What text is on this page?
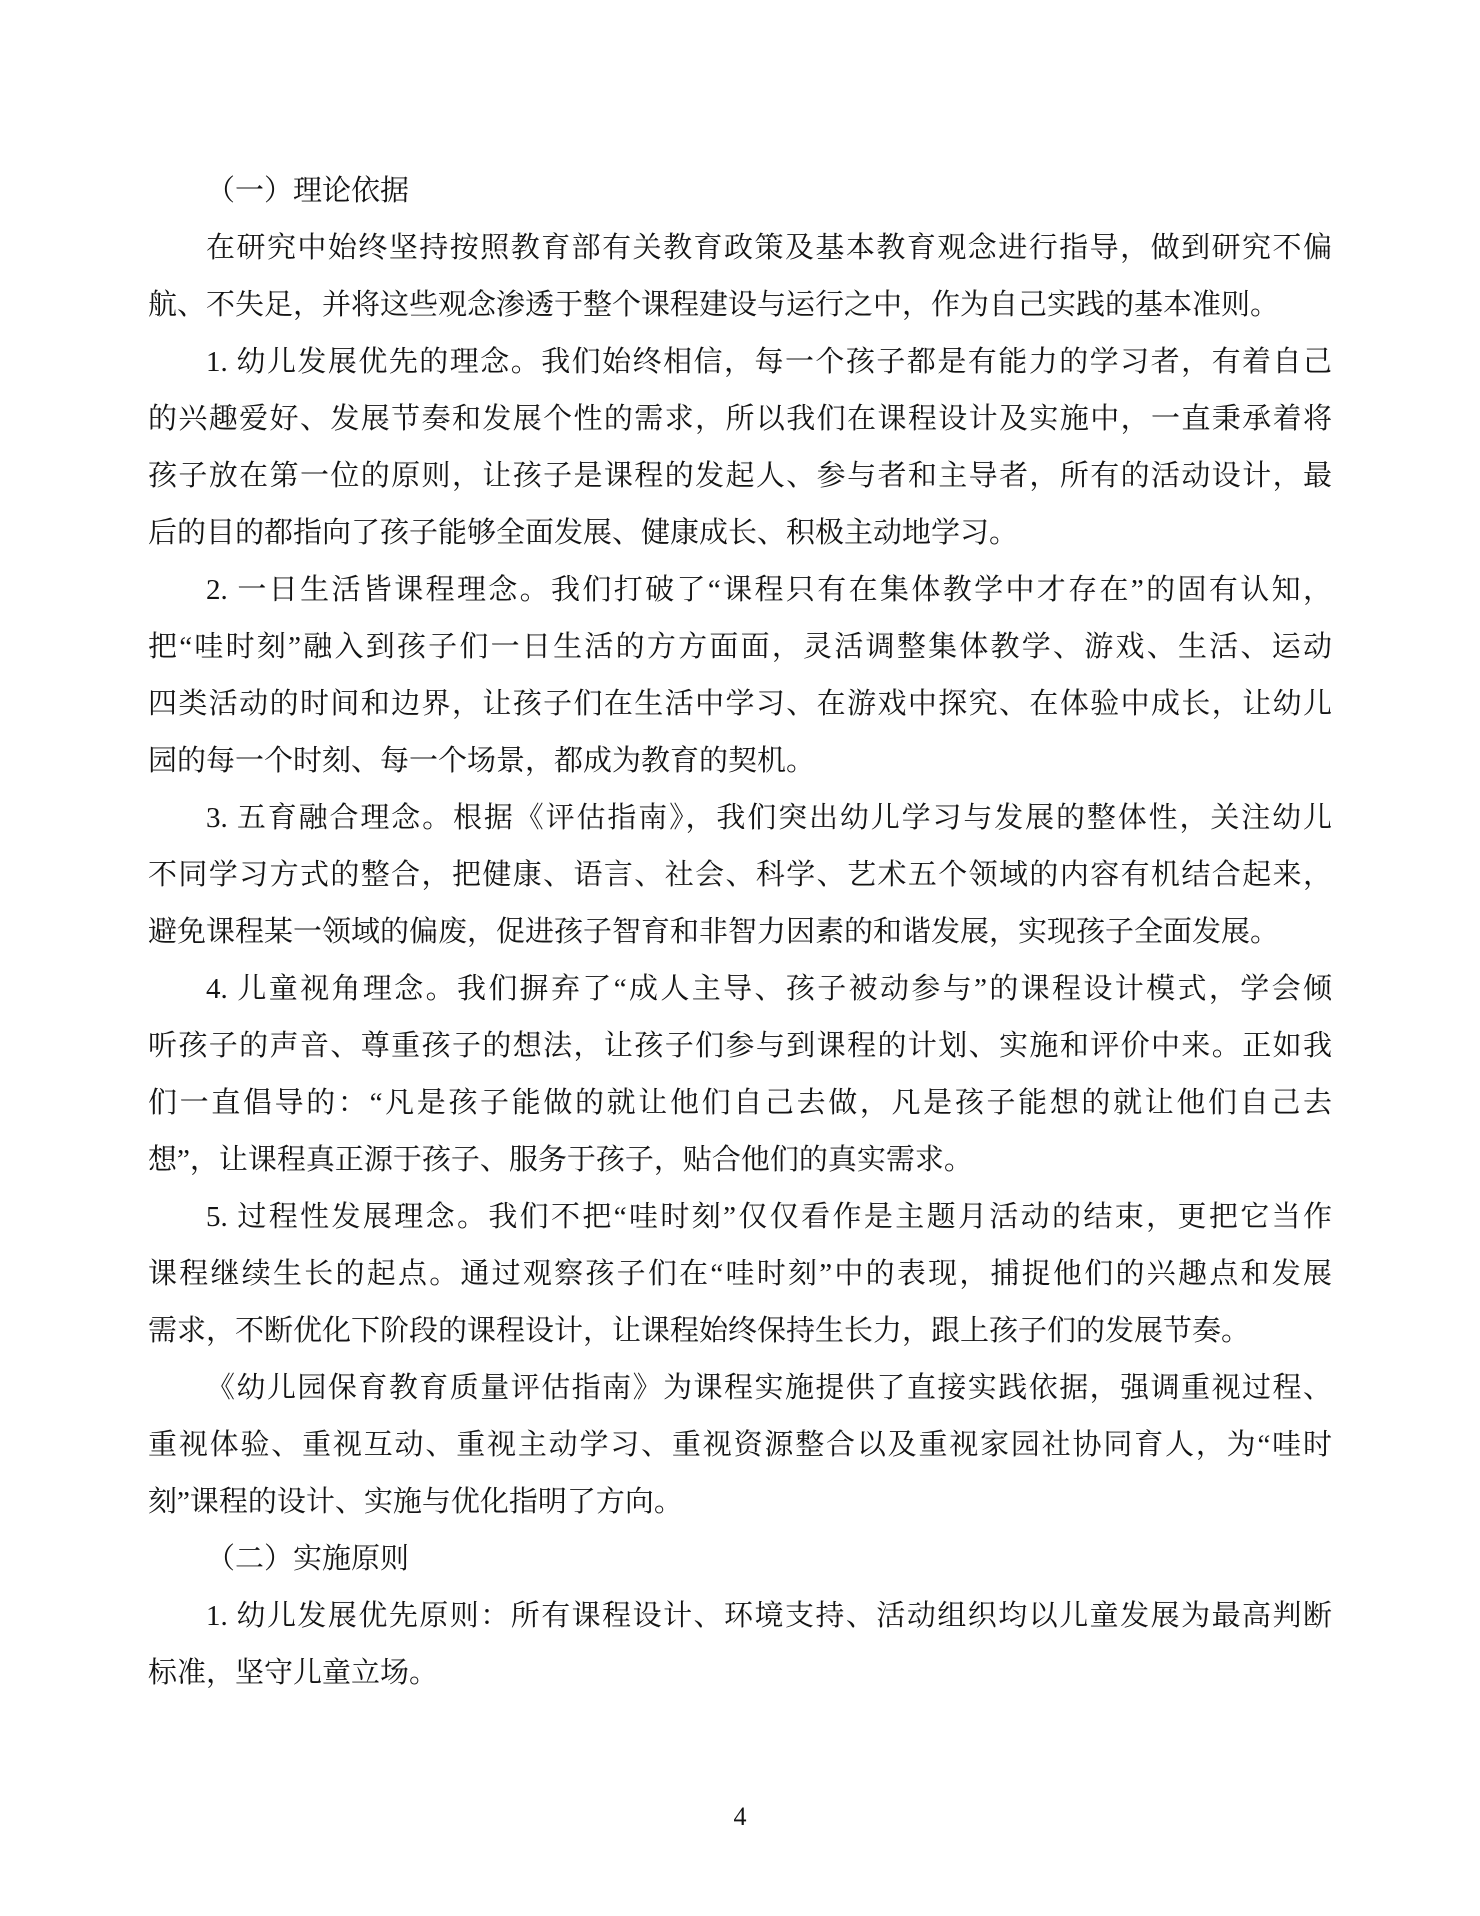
（一）理论依据
在研究中始终坚持按照教育部有关教育政策及基本教育观念进行指导，做到研究不偏
航、不失足，并将这些观念渗透于整个课程建设与运行之中，作为自己实践的基本准则。
1. 幼儿发展优先的理念。我们始终相信，每一个孩子都是有能力的学习者，有着自己
的兴趣爱好、发展节奏和发展个性的需求，所以我们在课程设计及实施中，一直秉承着将
孩子放在第一位的原则，让孩子是课程的发起人、参与者和主导者，所有的活动设计，最
后的目的都指向了孩子能够全面发展、健康成长、积极主动地学习。
2. 一日生活皆课程理念。我们打破了“课程只有在集体教学中才存在”的固有认知，
把“哇时刻”融入到孩子们一日生活的方方面面，灵活调整集体教学、游戏、生活、运动
四类活动的时间和边界，让孩子们在生活中学习、在游戏中探究、在体验中成长，让幼儿
园的每一个时刻、每一个场景，都成为教育的契机。
3. 五育融合理念。根据《评估指南》，我们突出幼儿学习与发展的整体性，关注幼儿
不同学习方式的整合，把健康、语言、社会、科学、艺术五个领域的内容有机结合起来，
避免课程某一领域的偏废，促进孩子智育和非智力因素的和谐发展，实现孩子全面发展。
4. 儿童视角理念。我们摒弃了“成人主导、孩子被动参与”的课程设计模式，学会倾
听孩子的声音、尊重孩子的想法，让孩子们参与到课程的计划、实施和评价中来。正如我
们一直倡导的：“凡是孩子能做的就让他们自己去做，凡是孩子能想的就让他们自己去
想”，让课程真正源于孩子、服务于孩子，贴合他们的真实需求。
5. 过程性发展理念。我们不把“哇时刻”仅仅看作是主题月活动的结束，更把它当作
课程继续生长的起点。通过观察孩子们在“哇时刻”中的表现，捕捉他们的兴趣点和发展
需求，不断优化下阶段的课程设计，让课程始终保持生长力，跟上孩子们的发展节奏。
《幼儿园保育教育质量评估指南》为课程实施提供了直接实践依据，强调重视过程、
重视体验、重视互动、重视主动学习、重视资源整合以及重视家园社协同育人，为“哇时
刻”课程的设计、实施与优化指明了方向。
（二）实施原则
1. 幼儿发展优先原则：所有课程设计、环境支持、活动组织均以儿童发展为最高判断
标准，坚守儿童立场。
4
